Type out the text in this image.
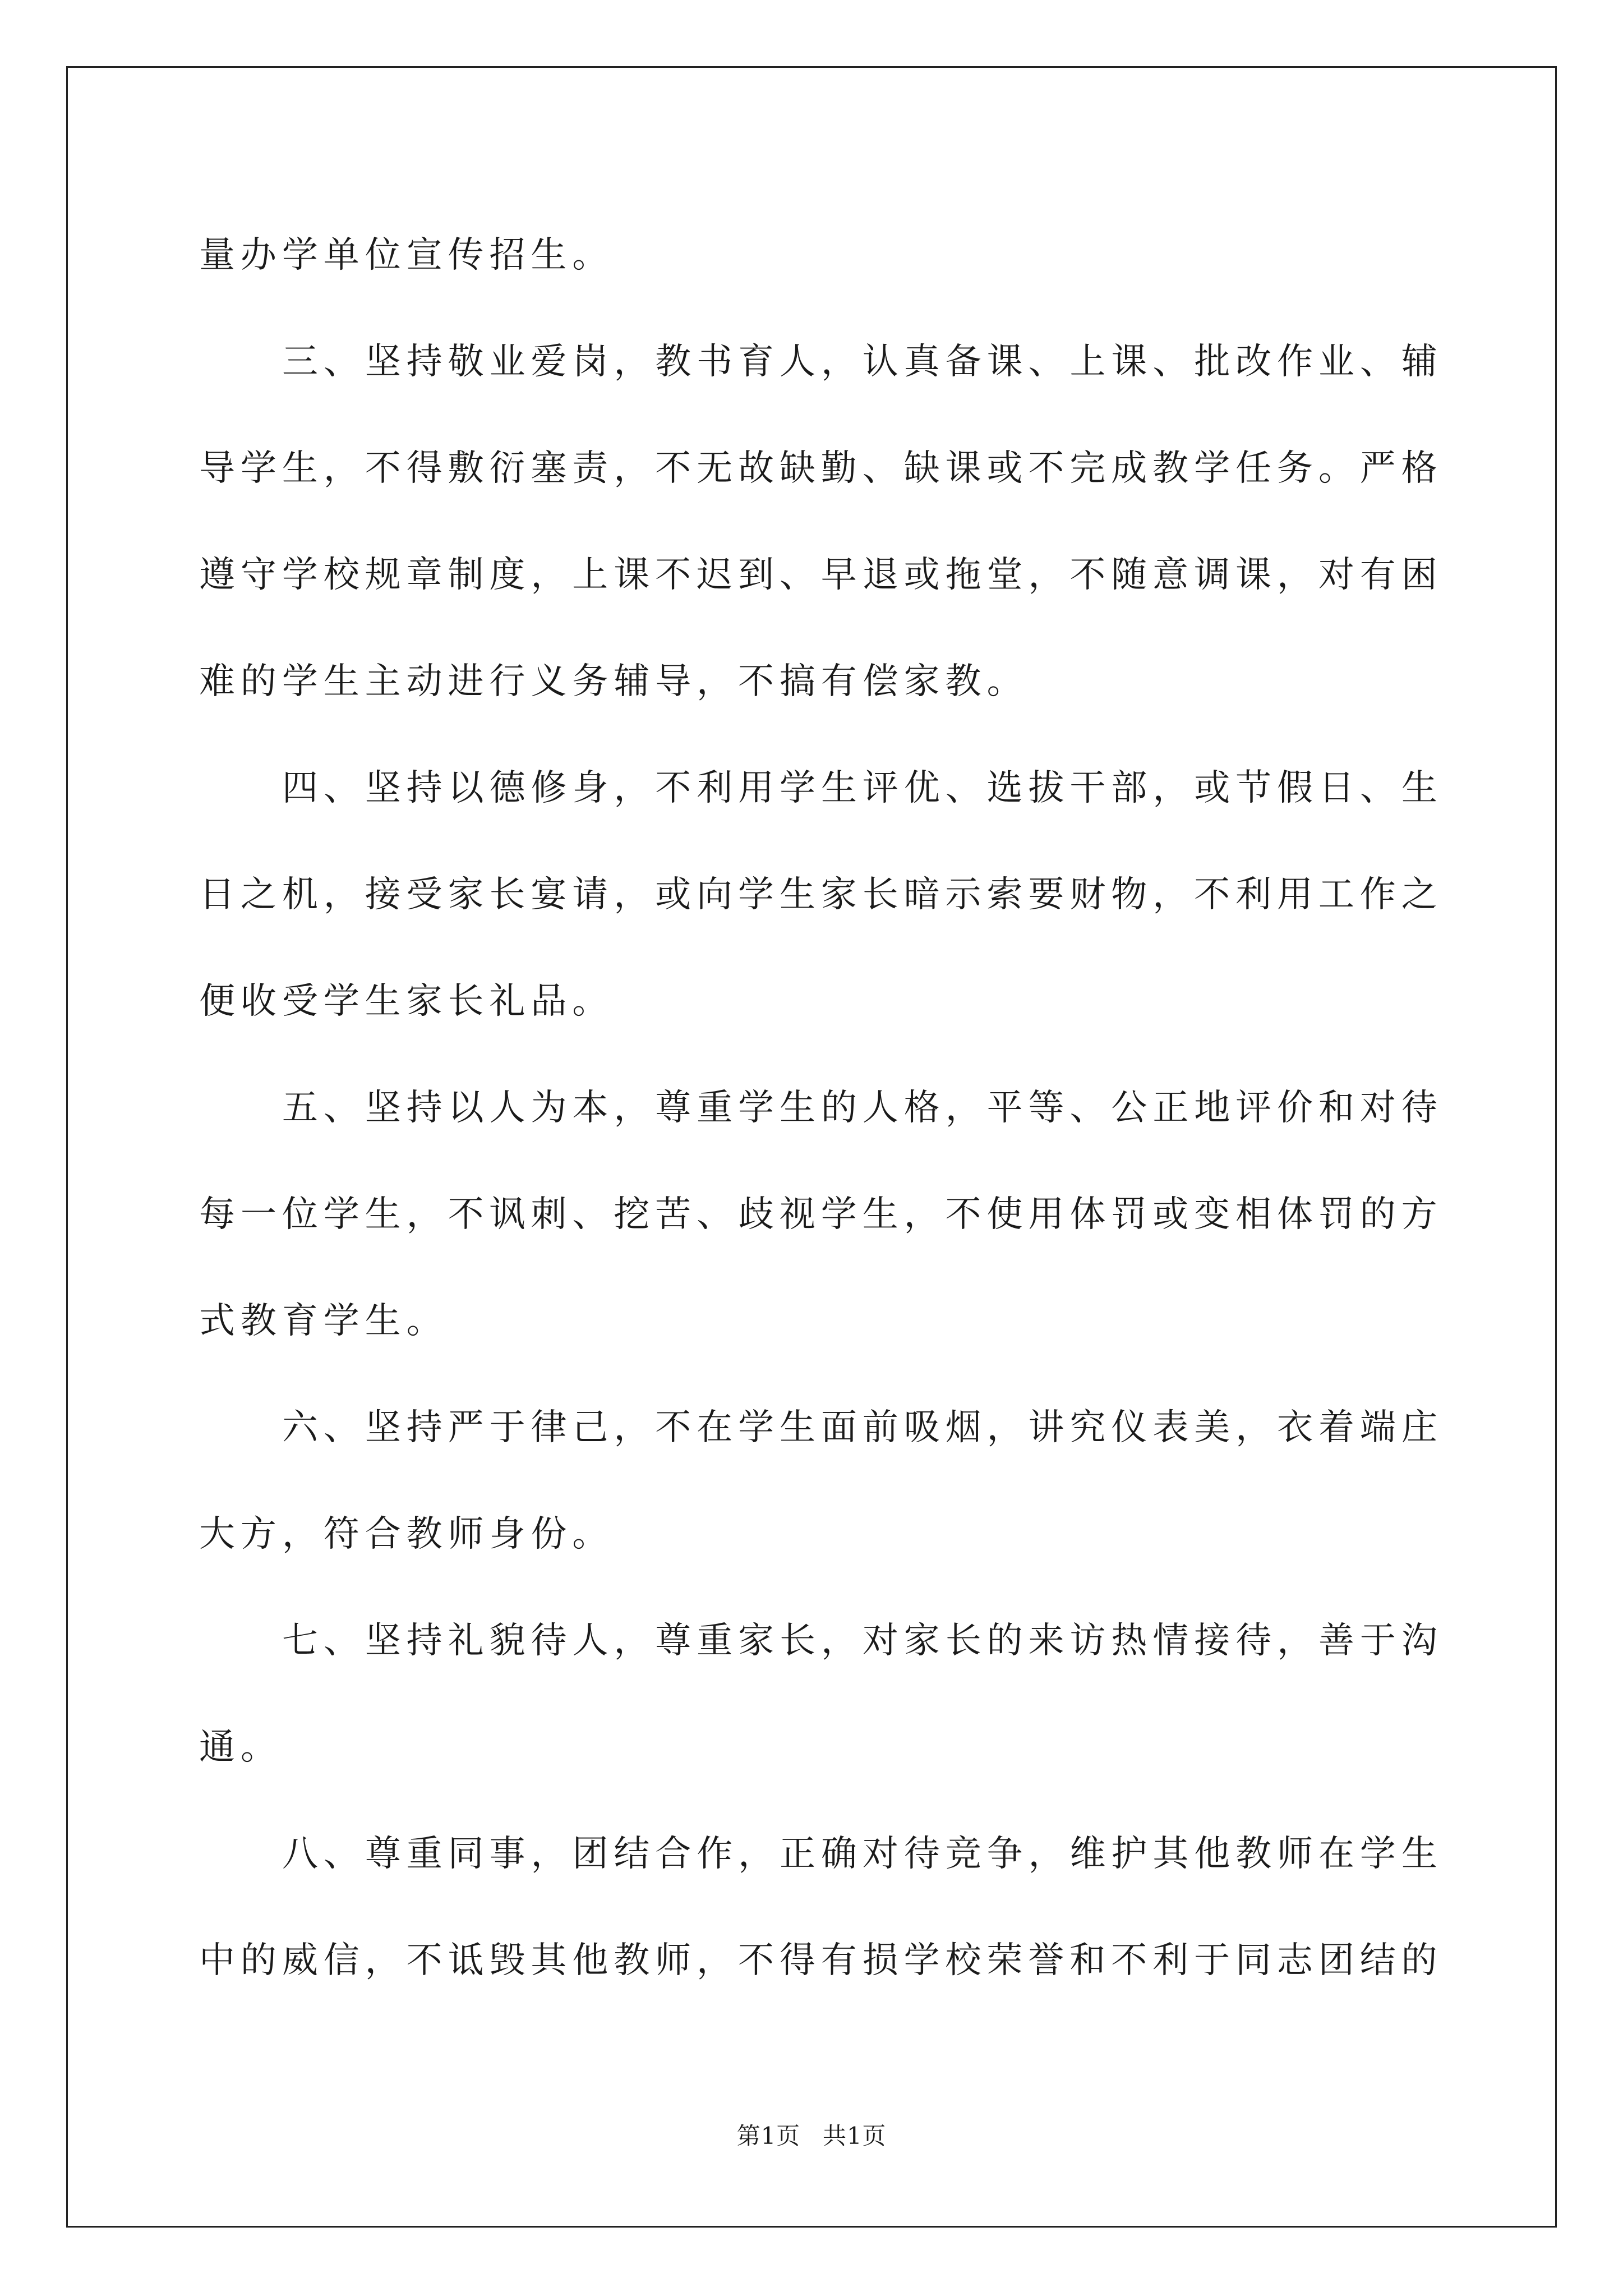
量办学单位宣传招生。
三、坚持敬业爱岗，教书育人，认真备课、上课、批改作业、辅
导学生，不得敷衍塞责，不无故缺勤、缺课或不完成教学任务。严格
遵守学校规章制度，上课不迟到、早退或拖堂，不随意调课，对有困
难的学生主动进行义务辅导，不搞有偿家教。
四、坚持以德修身，不利用学生评优、选拔干部，或节假日、生
日之机，接受家长宴请，或向学生家长暗示索要财物，不利用工作之
便收受学生家长礼品。
五、坚持以人为本，尊重学生的人格，平等、公正地评价和对待
每一位学生，不讽刺、挖苦、歧视学生，不使用体罚或变相体罚的方
式教育学生。
六、坚持严于律己，不在学生面前吸烟，讲究仪表美，衣着端庄
大方，符合教师身份。
七、坚持礼貌待人，尊重家长，对家长的来访热情接待，善于沟
通。
八、尊重同事，团结合作，正确对待竞争，维护其他教师在学生
中的威信，不诋毁其他教师，不得有损学校荣誉和不利于同志团结的
第1页 共1页
